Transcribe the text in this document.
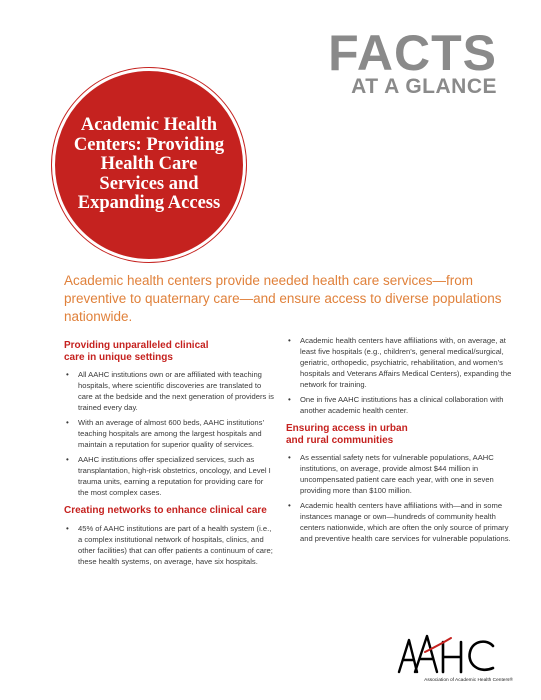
FACTS
AT A GLANCE
Academic Health
Centers: Providing
Health Care
Services and
Expanding Access

Academic health centers provide needed health care services—from preventive to quaternary care—and ensure access to diverse populations nationwide.

Providing unparalleled clinical
care in unique settings
• All AAHC institutions own or are affiliated with teaching hospitals, where scientific discoveries are translated to care at the bedside and the next generation of providers is trained every day.
• With an average of almost 600 beds, AAHC institutions’ teaching hospitals are among the largest hospitals and maintain a reputation for superior quality of services.
• AAHC institutions offer specialized services, such as transplantation, high-risk obstetrics, oncology, and Level I trauma units, earning a reputation for providing care for the most complex cases.
Creating networks to enhance clinical care
• 45% of AAHC institutions are part of a health system (i.e., a complex institutional network of hospitals, clinics, and other facilities) that can offer patients a continuum of care; these health systems, on average, have six hospitals.
• Academic health centers have affiliations with, on average, at least five hospitals (e.g., children’s, general medical/surgical, geriatric, orthopedic, psychiatric, rehabilitation, and women’s hospitals and Veterans Affairs Medical Centers), expanding the network for training.
• One in five AAHC institutions has a clinical collaboration with another academic health center.
Ensuring access in urban
and rural communities
• As essential safety nets for vulnerable populations, AAHC institutions, on average, provide almost $44 million in uncompensated patient care each year, with one in seven providing more than $100 million.
• Academic health centers have affiliations with—and in some instances manage or own—hundreds of community health centers nationwide, which are often the only source of primary and preventive health care services for vulnerable populations.
Association of Academic Health Centers®
